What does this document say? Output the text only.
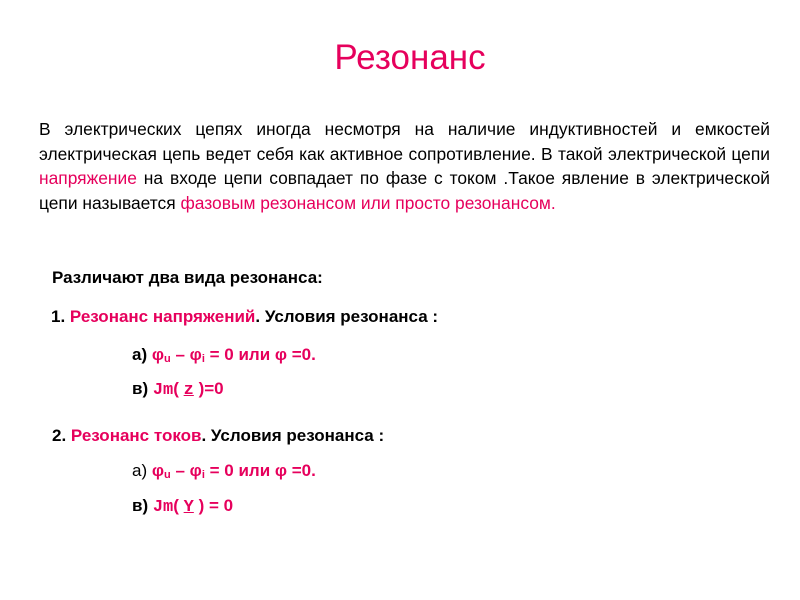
Резонанс
В электрических цепях иногда несмотря на наличие индуктивностей и емкостей электрическая цепь ведет себя как активное сопротивление. В такой электрической цепи напряжение на входе цепи совпадает по фазе с током .Такое явление в электрической цепи называется фазовым резонансом или просто резонансом.
Различают два вида резонанса:
1. Резонанс напряжений. Условия резонанса :
а) $\varphi_u - \varphi_i = 0$ или φ =0.
в) Jm( z )=0
2. Резонанс токов. Условия резонанса :
а) $\varphi_u - \varphi_i = 0$ или φ =0.
в) Jm( Y ) = 0
